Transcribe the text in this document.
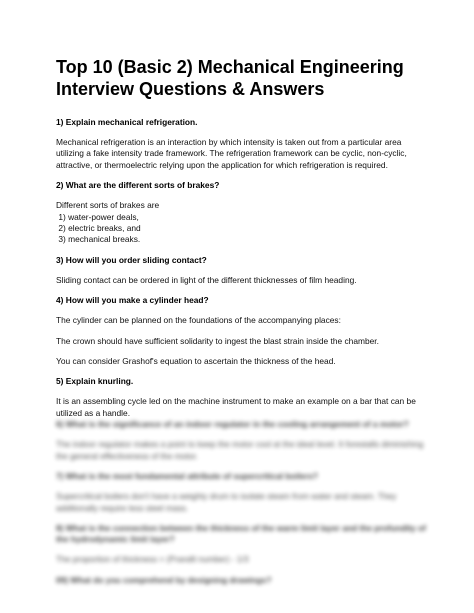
Top 10 (Basic 2) Mechanical Engineering Interview Questions & Answers
1) Explain mechanical refrigeration.
Mechanical refrigeration is an interaction by which intensity is taken out from a particular area utilizing a fake intensity trade framework. The refrigeration framework can be cyclic, non-cyclic, attractive, or thermoelectric relying upon the application for which refrigeration is required.
2) What are the different sorts of brakes?
Different sorts of brakes are
1) water-power deals,
2) electric breaks, and
3) mechanical breaks.
3) How will you order sliding contact?
Sliding contact can be ordered in light of the different thicknesses of film heading.
4) How will you make a cylinder head?
The cylinder can be planned on the foundations of the accompanying places:
The crown should have sufficient solidarity to ingest the blast strain inside the chamber.
You can consider Grashof's equation to ascertain the thickness of the head.
5) Explain knurling.
It is an assembling cycle led on the machine instrument to make an example on a bar that can be utilized as a handle.
6) What is the significance of an indoor regulator in the cooling arrangement of a motor?
The indoor regulator makes a point to keep the motor cool at the ideal level. It forestalls diminishing the general effectiveness of the motor.
7) What is the most fundamental attribute of supercritical boilers?
Supercritical boilers don't have a weighty drum to isolate steam from water and steam. They additionally require less steel mass.
8) What is the connection between the thickness of the warm limit layer and the profundity of the hydrodynamic limit layer?
The proportion of thickness = (Prandtl number) - 1/3
09) What do you comprehend by designing drawings?
